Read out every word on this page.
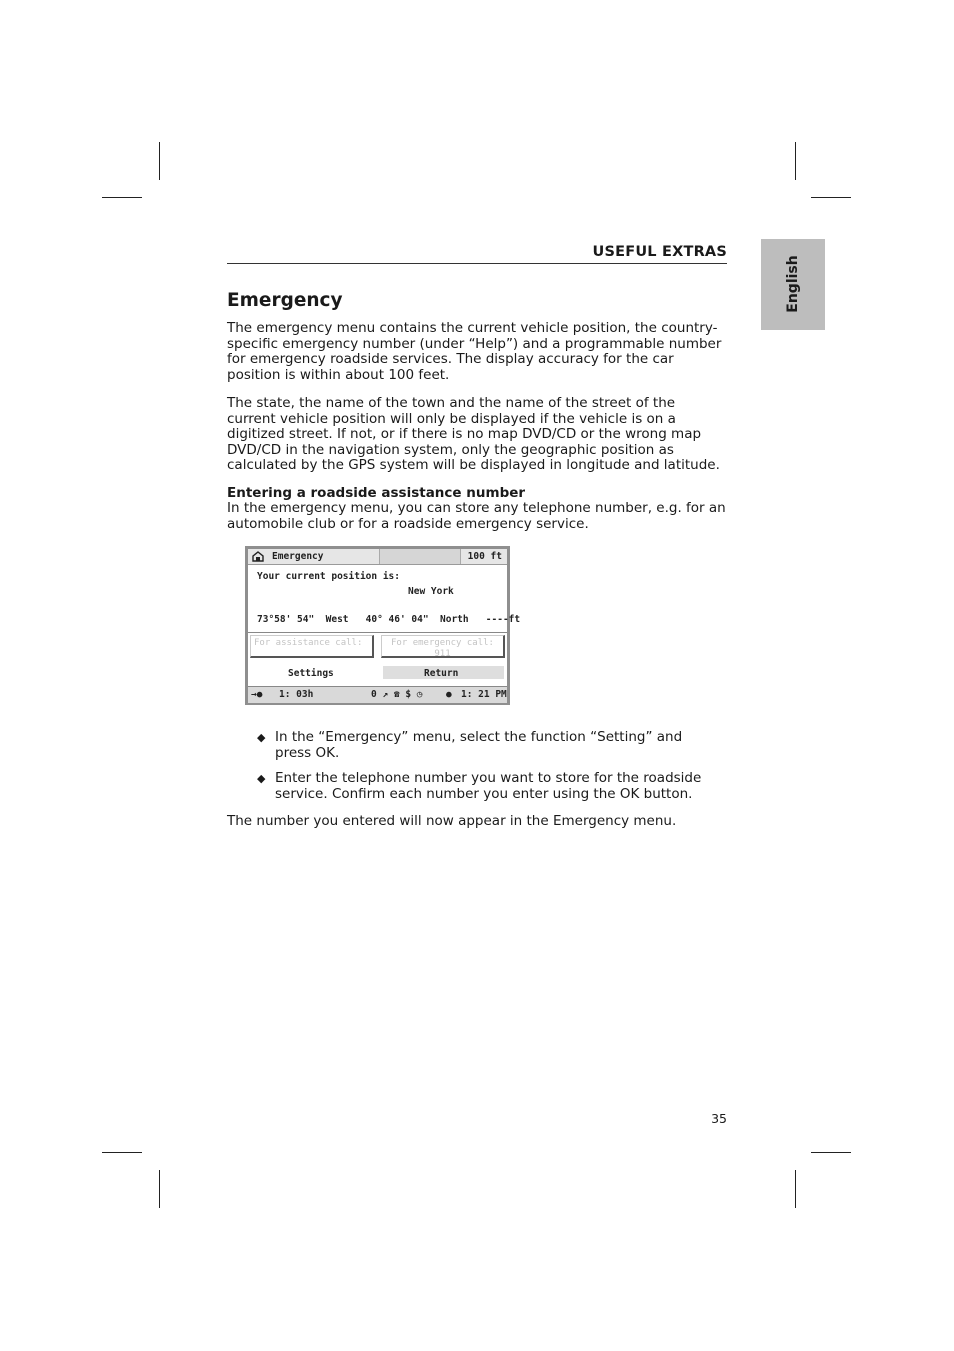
English
USEFUL EXTRAS
Emergency

The emergency menu contains the current vehicle position, the country-specific emergency number (under “Help”) and a programmable number for emergency roadside services. The display accuracy for the car position is within about 100 feet.

The state, the name of the town and the name of the street of the current vehicle position will only be displayed if the vehicle is on a digitized street. If not, or if there is no map DVD/CD or the wrong map DVD/CD in the navigation system, only the geographic position as calculated by the GPS system will be displayed in longitude and latitude.

Entering a roadside assistance number

In the emergency menu, you can store any telephone number, e.g. for an automobile club or for a roadside emergency service.

Emergency	100 ft
Your current position is:
New York
73°58' 54"  West   40° 46' 04"  North   ----ft
For assistance call:	For emergency call:
911
Settings	Return
→● 1: 03h	0 ↗ ☎ $ ◷ ● 1: 21 PM
◆ In the “Emergency” menu, select the function “Setting” and press OK.
◆ Enter the telephone number you want to store for the roadside service. Confirm each number you enter using the OK button.

The number you entered will now appear in the Emergency menu.

35
